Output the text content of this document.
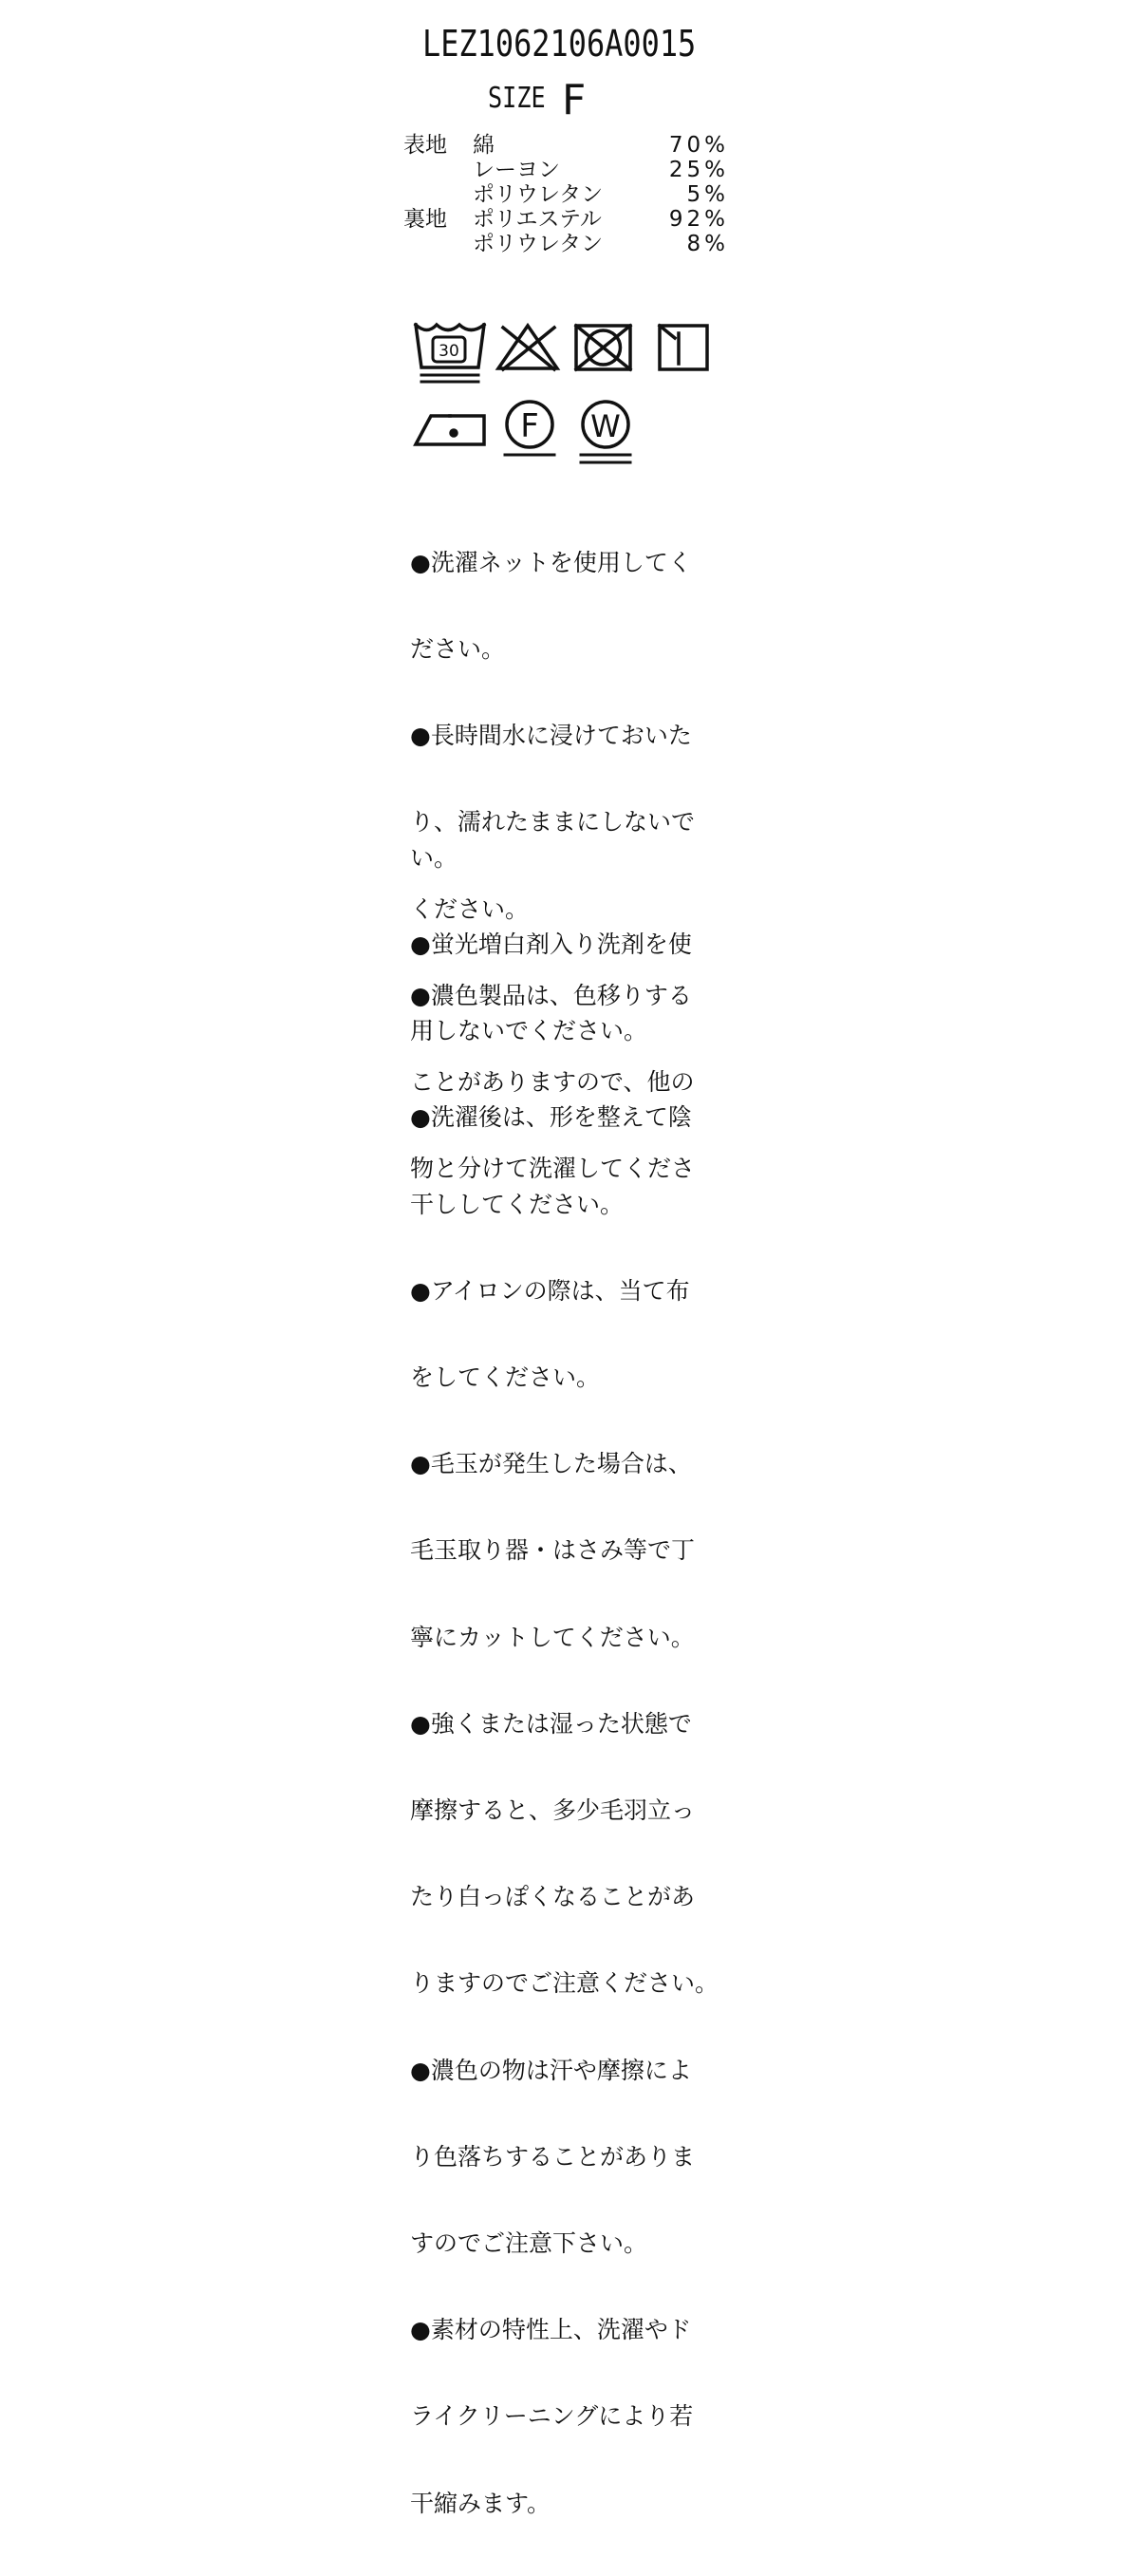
LEZ1062106A0015
SIZE F
表地 綿	70%
レーヨン	25%
ポリウレタン	5%
裏地 ポリエステル	92%
ポリウレタン	8%
30
F W

●洗濯ネットを使用してく

ださい。

●長時間水に浸けておいた

り、濡れたままにしないで

ください。

●濃色製品は、色移りする

ことがありますので、他の

物と分けて洗濯してくださ

い。

●蛍光増白剤入り洗剤を使

用しないでください。

●洗濯後は、形を整えて陰

干ししてください。

●アイロンの際は、当て布

をしてください。

●毛玉が発生した場合は、

毛玉取り器・はさみ等で丁

寧にカットしてください。

●強くまたは湿った状態で

摩擦すると、多少毛羽立っ

たり白っぽくなることがあ

りますのでご注意ください。

●濃色の物は汗や摩擦によ

り色落ちすることがありま

すのでご注意下さい。

●素材の特性上、洗濯やド

ライクリーニングにより若

干縮みます。
